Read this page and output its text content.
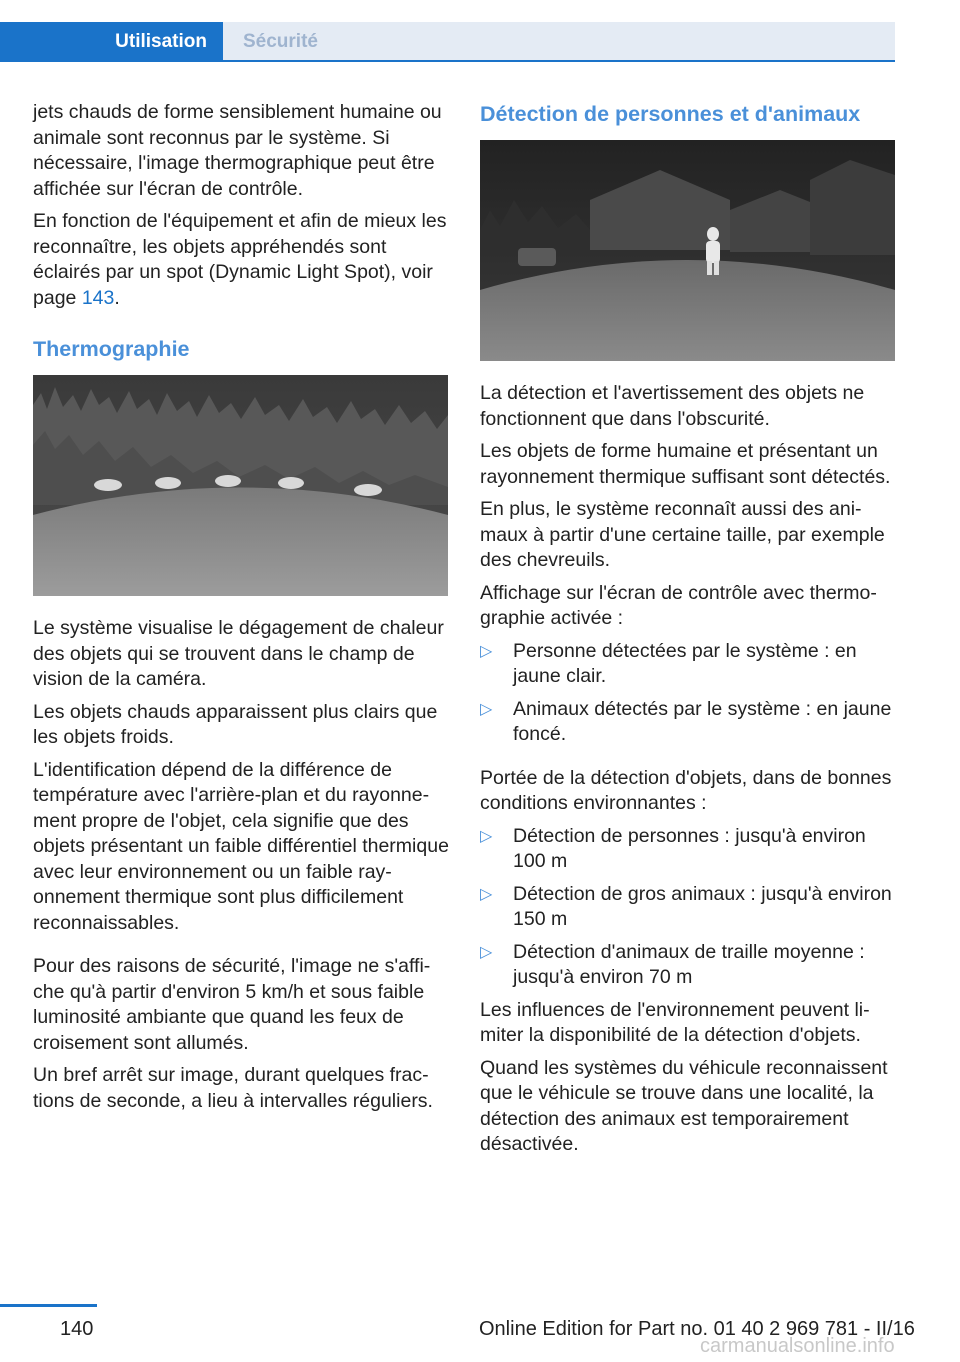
Utilisation	Sécurité

jets chauds de forme sensiblement humaine ou animale sont reconnus par le système. Si nécessaire, l'image thermographique peut être affichée sur l'écran de contrôle.

En fonction de l'équipement et afin de mieux les reconnaître, les objets appréhendés sont éclairés par un spot (Dynamic Light Spot), voir page 143.

Thermographie

Le système visualise le dégagement de chaleur des objets qui se trouvent dans le champ de vision de la caméra.

Les objets chauds apparaissent plus clairs que les objets froids.

L'identification dépend de la différence de température avec l'arrière-plan et du rayonnement propre de l'objet, cela signifie que des objets présentant un faible différentiel thermique avec leur environnement ou un faible rayonnement thermique sont plus difficilement reconnaissables.

Pour des raisons de sécurité, l'image ne s'affiche qu'à partir d'environ 5 km/h et sous faible luminosité ambiante que quand les feux de croisement sont allumés.

Un bref arrêt sur image, durant quelques fractions de seconde, a lieu à intervalles réguliers.

Détection de personnes et d'animaux

La détection et l'avertissement des objets ne fonctionnent que dans l'obscurité.

Les objets de forme humaine et présentant un rayonnement thermique suffisant sont détectés.

En plus, le système reconnaît aussi des animaux à partir d'une certaine taille, par exemple des chevreuils.

Affichage sur l'écran de contrôle avec thermographie activée :

▷ Personne détectées par le système : en jaune clair.
▷ Animaux détectés par le système : en jaune foncé.

Portée de la détection d'objets, dans de bonnes conditions environnantes :

▷ Détection de personnes : jusqu'à environ 100 m
▷ Détection de gros animaux : jusqu'à environ 150 m
▷ Détection d'animaux de traille moyenne : jusqu'à environ 70 m

Les influences de l'environnement peuvent limiter la disponibilité de la détection d'objets.

Quand les systèmes du véhicule reconnaissent que le véhicule se trouve dans une localité, la détection des animaux est temporairement désactivée.

140	Online Edition for Part no. 01 40 2 969 781 - II/16
carmanualsonline.info
